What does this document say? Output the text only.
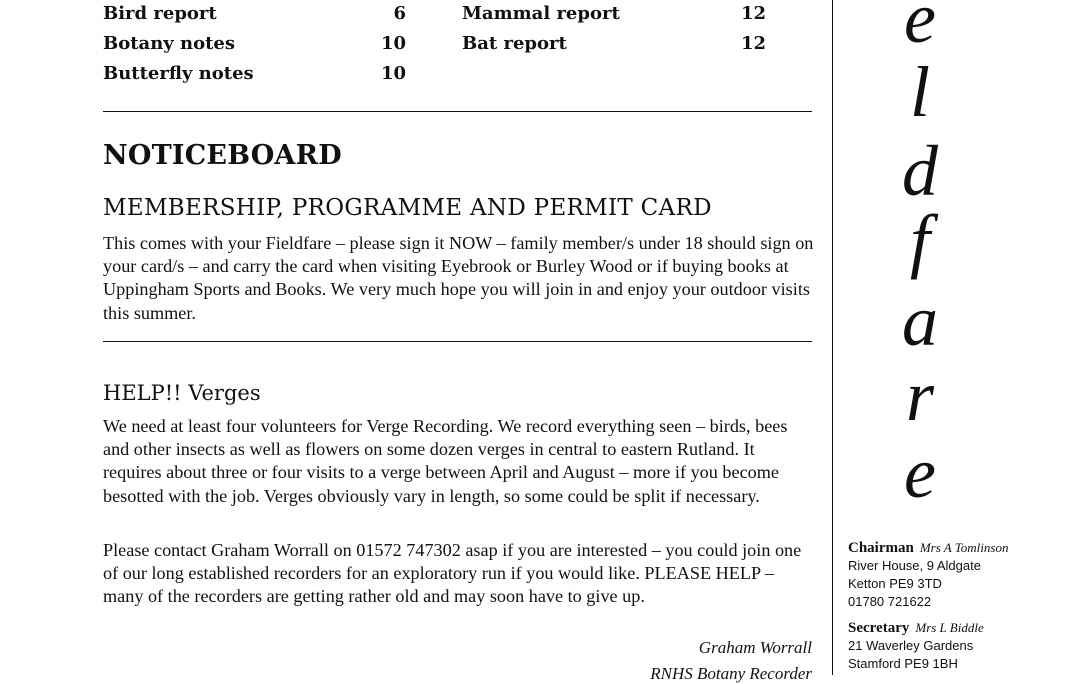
Bird report	6
Botany notes	10
Butterfly notes	10
Mammal report	12
Bat report	12
NOTICEBOARD
MEMBERSHIP, PROGRAMME AND PERMIT CARD

This comes with your Fieldfare – please sign it NOW – family member/s under 18 should sign on your card/s – and carry the card when visiting Eyebrook or Burley Wood or if buying books at Uppingham Sports and Books. We very much hope you will join in and enjoy your outdoor visits this summer.

HELP!! Verges

We need at least four volunteers for Verge Recording. We record everything seen – birds, bees and other insects as well as flowers on some dozen verges in central to eastern Rutland. It requires about three or four visits to a verge between April and August – more if you become besotted with the job. Verges obviously vary in length, so some could be split if necessary.

Please contact Graham Worrall on 01572 747302 asap if you are interested – you could join one of our long established recorders for an exploratory run if you would like. PLEASE HELP – many of the recorders are getting rather old and may soon have to give up.

Graham Worrall

RNHS Botany Recorder

e
l
d
f
a
r
e
Chairman Mrs A Tomlinson
River House, 9 Aldgate
Ketton PE9 3TD
01780 721622
Secretary Mrs L Biddle
21 Waverley Gardens
Stamford PE9 1BH
